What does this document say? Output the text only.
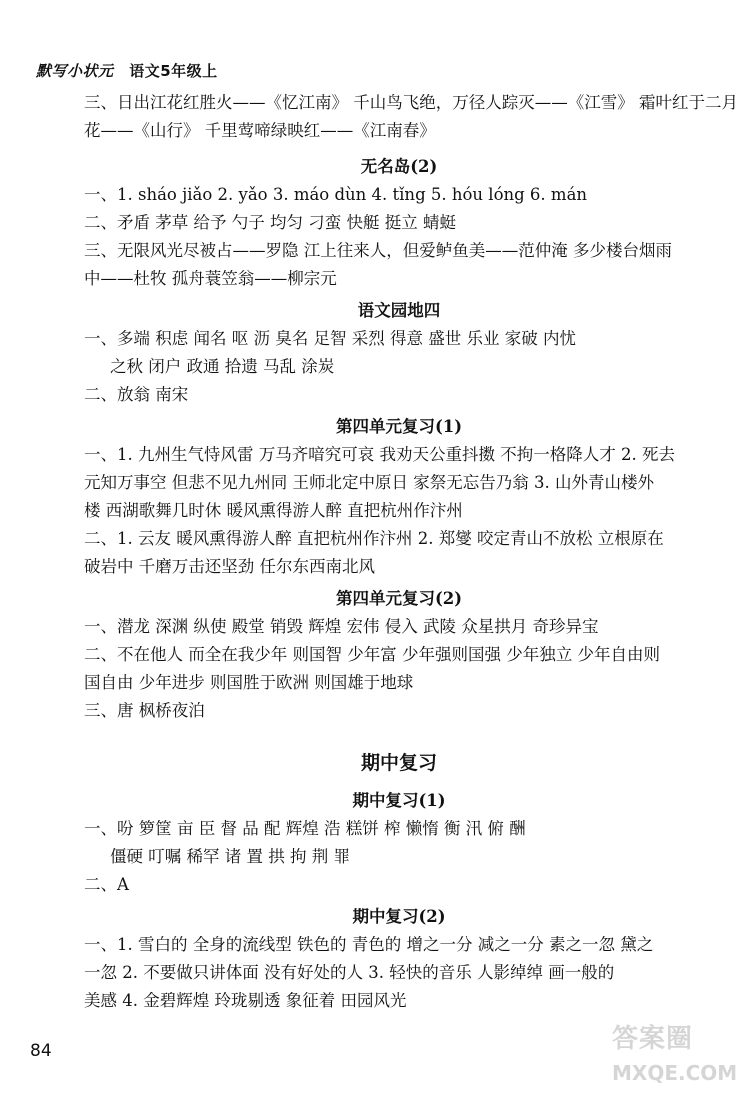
默写小状元 语文5年级上
三、日出江花红胜火——《忆江南》 千山鸟飞绝，万径人踪灭——《江雪》 霜叶红于二月
花——《山行》 千里莺啼绿映红——《江南春》
无名岛(2)
一、1. sháo jiǎo 2. yǎo 3. máo dùn 4. tǐng 5. hóu lóng 6. mán
二、矛盾 茅草 给予 勺子 均匀 刁蛮 快艇 挺立 蜻蜓
三、无限风光尽被占——罗隐 江上往来人，但爱鲈鱼美——范仲淹 多少楼台烟雨
中——杜牧 孤舟蓑笠翁——柳宗元
语文园地四
一、多端 积虑 闻名 呕 沥 臭名 足智 采烈 得意 盛世 乐业 家破 内忧
之秋 闭户 政通 拾遗 马乱 涂炭
二、放翁 南宋
第四单元复习(1)
一、1. 九州生气恃风雷 万马齐喑究可哀 我劝天公重抖擞 不拘一格降人才 2. 死去
元知万事空 但悲不见九州同 王师北定中原日 家祭无忘告乃翁 3. 山外青山楼外
楼 西湖歌舞几时休 暖风熏得游人醉 直把杭州作汴州
二、1. 云友 暖风熏得游人醉 直把杭州作汴州 2. 郑燮 咬定青山不放松 立根原在
破岩中 千磨万击还坚劲 任尔东西南北风
第四单元复习(2)
一、潜龙 深渊 纵使 殿堂 销毁 辉煌 宏伟 侵入 武陵 众星拱月 奇珍异宝
二、不在他人 而全在我少年 则国智 少年富 少年强则国强 少年独立 少年自由则
国自由 少年进步 则国胜于欧洲 则国雄于地球
三、唐 枫桥夜泊
期中复习
期中复习(1)
一、吩 箩筐 亩 臣 督 品 配 辉煌 浩 糕饼 榨 懒惰 衡 汛 俯 酬
僵硬 叮嘱 稀罕 诸 置 拱 拘 荆 罪
二、A
期中复习(2)
一、1. 雪白的 全身的流线型 铁色的 青色的 增之一分 减之一分 素之一忽 黛之
一忽 2. 不要做只讲体面 没有好处的人 3. 轻快的音乐 人影绰绰 画一般的
美感 4. 金碧辉煌 玲珑剔透 象征着 田园风光
84	答案圈
MXQE.COM
